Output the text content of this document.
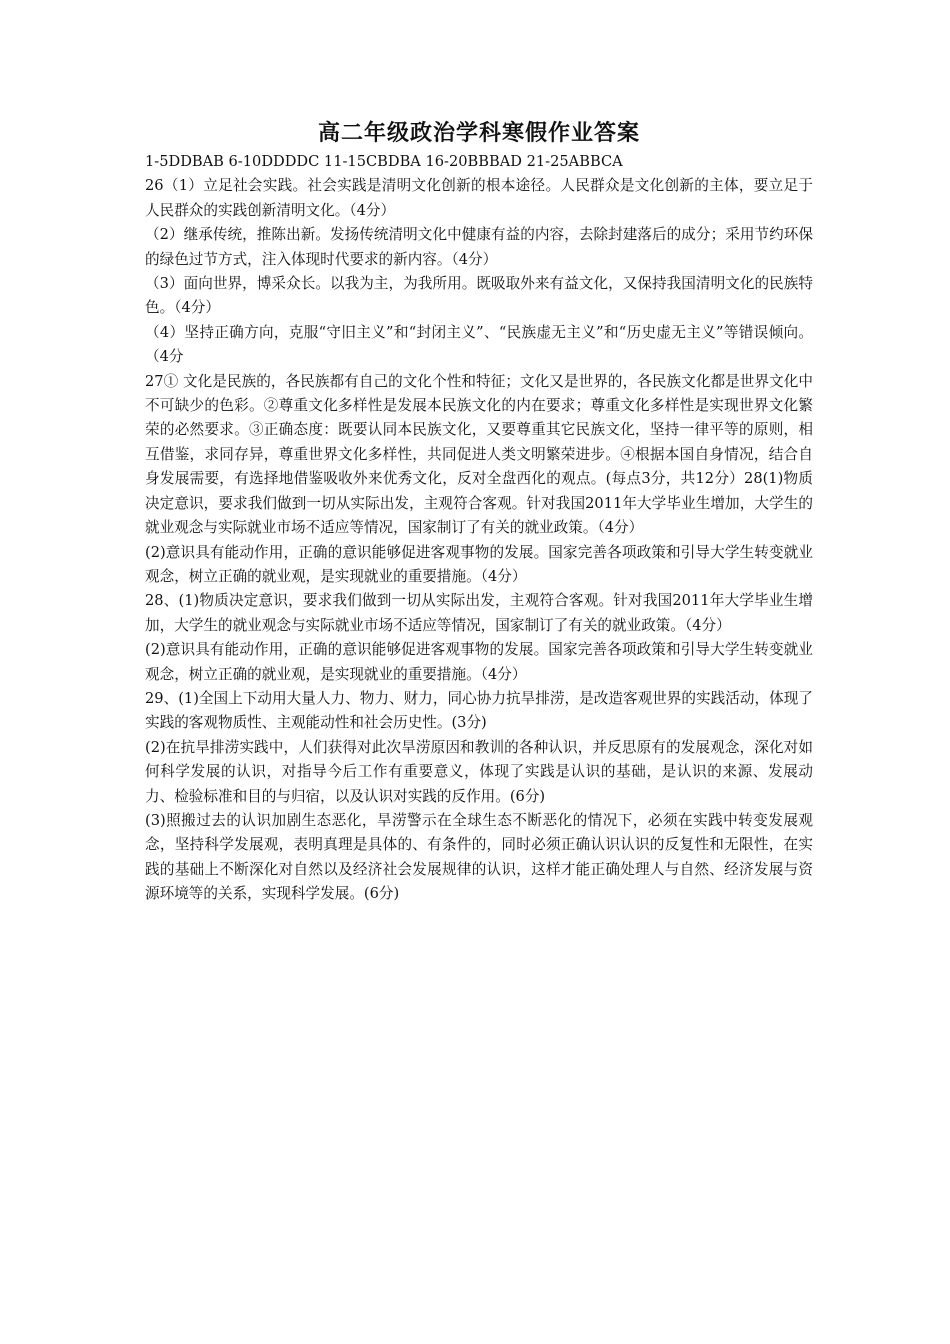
高二年级政治学科寒假作业答案

1-5DDBAB 6-10DDDDC 11-15CBDBA 16-20BBBAD 21-25ABBCA

26（1）立足社会实践。社会实践是清明文化创新的根本途径。人民群众是文化创新的主体，要立足于人民群众的实践创新清明文化。（4分）

（2）继承传统，推陈出新。发扬传统清明文化中健康有益的内容，去除封建落后的成分；采用节约环保的绿色过节方式，注入体现时代要求的新内容。（4分）

（3）面向世界，博采众长。以我为主，为我所用。既吸取外来有益文化，又保持我国清明文化的民族特色。（4分）

（4）坚持正确方向，克服“守旧主义”和“封闭主义”、“民族虚无主义”和“历史虚无主义”等错误倾向。（4分

27① 文化是民族的，各民族都有自己的文化个性和特征；文化又是世界的，各民族文化都是世界文化中不可缺少的色彩。②尊重文化多样性是发展本民族文化的内在要求；尊重文化多样性是实现世界文化繁荣的必然要求。③正确态度：既要认同本民族文化，又要尊重其它民族文化，坚持一律平等的原则，相互借鉴，求同存异，尊重世界文化多样性，共同促进人类文明繁荣进步。④根据本国自身情况，结合自身发展需要，有选择地借鉴吸收外来优秀文化，反对全盘西化的观点。(每点3分，共12分）28(1)物质决定意识，要求我们做到一切从实际出发，主观符合客观。针对我国2011年大学毕业生增加，大学生的就业观念与实际就业市场不适应等情况，国家制订了有关的就业政策。（4分）

(2)意识具有能动作用，正确的意识能够促进客观事物的发展。国家完善各项政策和引导大学生转变就业观念，树立正确的就业观，是实现就业的重要措施。（4分）

28、(1)物质决定意识，要求我们做到一切从实际出发，主观符合客观。针对我国2011年大学毕业生增加，大学生的就业观念与实际就业市场不适应等情况，国家制订了有关的就业政策。（4分）

(2)意识具有能动作用，正确的意识能够促进客观事物的发展。国家完善各项政策和引导大学生转变就业观念，树立正确的就业观，是实现就业的重要措施。（4分）

29、(1)全国上下动用大量人力、物力、财力，同心协力抗旱排涝，是改造客观世界的实践活动，体现了实践的客观物质性、主观能动性和社会历史性。(3分)

(2)在抗旱排涝实践中，人们获得对此次旱涝原因和教训的各种认识，并反思原有的发展观念，深化对如何科学发展的认识，对指导今后工作有重要意义，体现了实践是认识的基础，是认识的来源、发展动力、检验标准和目的与归宿，以及认识对实践的反作用。(6分)

(3)照搬过去的认识加剧生态恶化，旱涝警示在全球生态不断恶化的情况下，必须在实践中转变发展观念，坚持科学发展观，表明真理是具体的、有条件的，同时必须正确认识认识的反复性和无限性，在实践的基础上不断深化对自然以及经济社会发展规律的认识，这样才能正确处理人与自然、经济发展与资源环境等的关系，实现科学发展。(6分)
